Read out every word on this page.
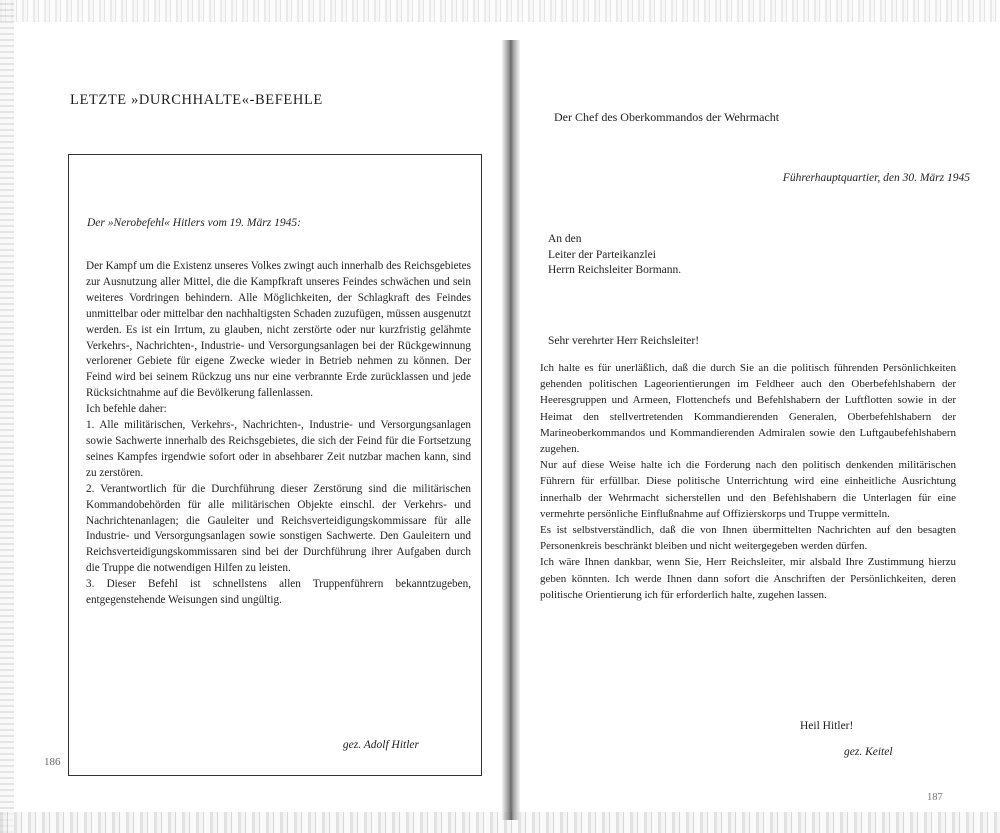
LETZTE »DURCHHALTE«-BEFEHLE
Der »Nerobefehl« Hitlers vom 19. März 1945:

Der Kampf um die Existenz unseres Volkes zwingt auch innerhalb des Reichsgebietes zur Ausnutzung aller Mittel, die die Kampfkraft unseres Feindes schwächen und sein weiteres Vordringen behindern. Alle Möglichkeiten, der Schlagkraft des Feindes unmittelbar oder mittelbar den nachhaltigsten Schaden zuzufügen, müssen ausgenutzt werden. Es ist ein Irrtum, zu glauben, nicht zerstörte oder nur kurzfristig gelähmte Verkehrs-, Nachrichten-, Industrie- und Versorgungsanlagen bei der Rückgewinnung verlorener Gebiete für eigene Zwecke wieder in Betrieb nehmen zu können. Der Feind wird bei seinem Rückzug uns nur eine verbrannte Erde zurücklassen und jede Rücksichtnahme auf die Bevölkerung fallenlassen.

Ich befehle daher:

1. Alle militärischen, Verkehrs-, Nachrichten-, Industrie- und Versorgungsanlagen sowie Sachwerte innerhalb des Reichsgebietes, die sich der Feind für die Fortsetzung seines Kampfes irgendwie sofort oder in absehbarer Zeit nutzbar machen kann, sind zu zerstören.

2. Verantwortlich für die Durchführung dieser Zerstörung sind die militärischen Kommandobehörden für alle militärischen Objekte einschl. der Verkehrs- und Nachrichtenanlagen; die Gauleiter und Reichsverteidigungskommissare für alle Industrie- und Versorgungsanlagen sowie sonstigen Sachwerte. Den Gauleitern und Reichsverteidigungskommissaren sind bei der Durchführung ihrer Aufgaben durch die Truppe die notwendigen Hilfen zu leisten.

3. Dieser Befehl ist schnellstens allen Truppenführern bekanntzugeben, entgegenstehende Weisungen sind ungültig.

gez. Adolf Hitler
186
Der Chef des Oberkommandos der Wehrmacht
Führerhauptquartier, den 30. März 1945
An den
Leiter der Parteikanzlei
Herrn Reichsleiter Bormann.
Sehr verehrter Herr Reichsleiter!

Ich halte es für unerläßlich, daß die durch Sie an die politisch führenden Persönlichkeiten gehenden politischen Lageorientierungen im Feldheer auch den Oberbefehlshabern der Heeresgruppen und Armeen, Flottenchefs und Befehlshabern der Luftflotten sowie in der Heimat den stellvertretenden Kommandierenden Generalen, Oberbefehlshabern der Marineoberkommandos und Kommandierenden Admiralen sowie den Luftgaubefehlshabern zugehen.

Nur auf diese Weise halte ich die Forderung nach den politisch denkenden militärischen Führern für erfüllbar. Diese politische Unterrichtung wird eine einheitliche Ausrichtung innerhalb der Wehrmacht sicherstellen und den Befehlshabern die Unterlagen für eine vermehrte persönliche Einflußnahme auf Offizierskorps und Truppe vermitteln.

Es ist selbstverständlich, daß die von Ihnen übermittelten Nachrichten auf den besagten Personenkreis beschränkt bleiben und nicht weitergegeben werden dürfen.

Ich wäre Ihnen dankbar, wenn Sie, Herr Reichsleiter, mir alsbald Ihre Zustimmung hierzu geben könnten. Ich werde Ihnen dann sofort die Anschriften der Persönlichkeiten, deren politische Orientierung ich für erforderlich halte, zugehen lassen.

Heil Hitler!
gez. Keitel
187
